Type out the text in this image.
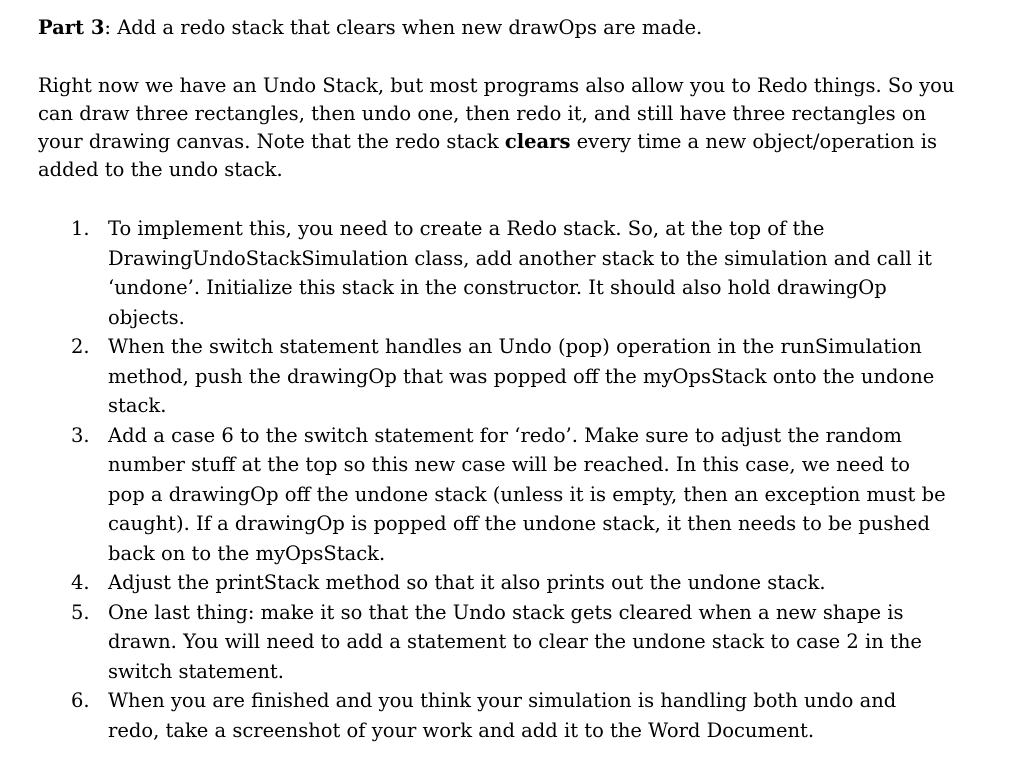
Part 3: Add a redo stack that clears when new drawOps are made.

Right now we have an Undo Stack, but most programs also allow you to Redo things. So you can draw three rectangles, then undo one, then redo it, and still have three rectangles on your drawing canvas. Note that the redo stack clears every time a new object/operation is added to the undo stack.

1. To implement this, you need to create a Redo stack. So, at the top of the DrawingUndoStackSimulation class, add another stack to the simulation and call it ‘undone’. Initialize this stack in the constructor. It should also hold drawingOp objects.
2. When the switch statement handles an Undo (pop) operation in the runSimulation method, push the drawingOp that was popped off the myOpsStack onto the undone stack.
3. Add a case 6 to the switch statement for ‘redo’. Make sure to adjust the random number stuff at the top so this new case will be reached. In this case, we need to pop a drawingOp off the undone stack (unless it is empty, then an exception must be caught). If a drawingOp is popped off the undone stack, it then needs to be pushed back on to the myOpsStack.
4. Adjust the printStack method so that it also prints out the undone stack.
5. One last thing: make it so that the Undo stack gets cleared when a new shape is drawn. You will need to add a statement to clear the undone stack to case 2 in the switch statement.
6. When you are finished and you think your simulation is handling both undo and redo, take a screenshot of your work and add it to the Word Document.
